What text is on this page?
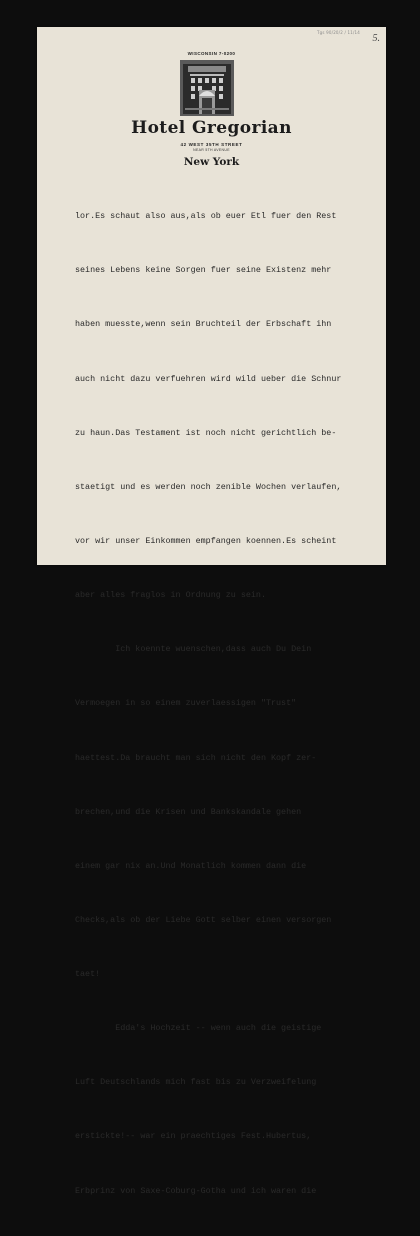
Tgs 90/20/2 / 11/14
5.
WISCONSIN 7-0200
Hotel Gregorian
42 WEST 35TH STREET
NEAR 5TH AVENUE
New York

lor.Es schaut also aus,als ob euer Etl fuer den Rest

seines Lebens keine Sorgen fuer seine Existenz mehr

haben muesste,wenn sein Bruchteil der Erbschaft ihn

auch nicht dazu verfuehren wird wild ueber die Schnur

zu haun.Das Testament ist noch nicht gerichtlich be-

staetigt und es werden noch zenible Wochen verlaufen,

vor wir unser Einkommen empfangen koennen.Es scheint

aber alles fraglos in Ordnung zu sein.

Ich koennte wuenschen,dass auch Du Dein

Vermoegen in so einem zuverlaessigen "Trust"

haettest.Da braucht man sich nicht den Kopf zer-

brechen,und die Krisen und Bankskandale gehen

einem gar nix an.Und Monatlich kommen dann die

Checks,als ob der Liebe Gott selber einen versorgen

taet!

Edda's Hochzeit -- wenn auch die geistige

Luft Deutschlands mich fast bis zu Verzweifelung

erstickte!-- war ein praechtiges Fest.Hubertus,

Erbprinz von Saxe-Coburg-Gotha und ich waren die
